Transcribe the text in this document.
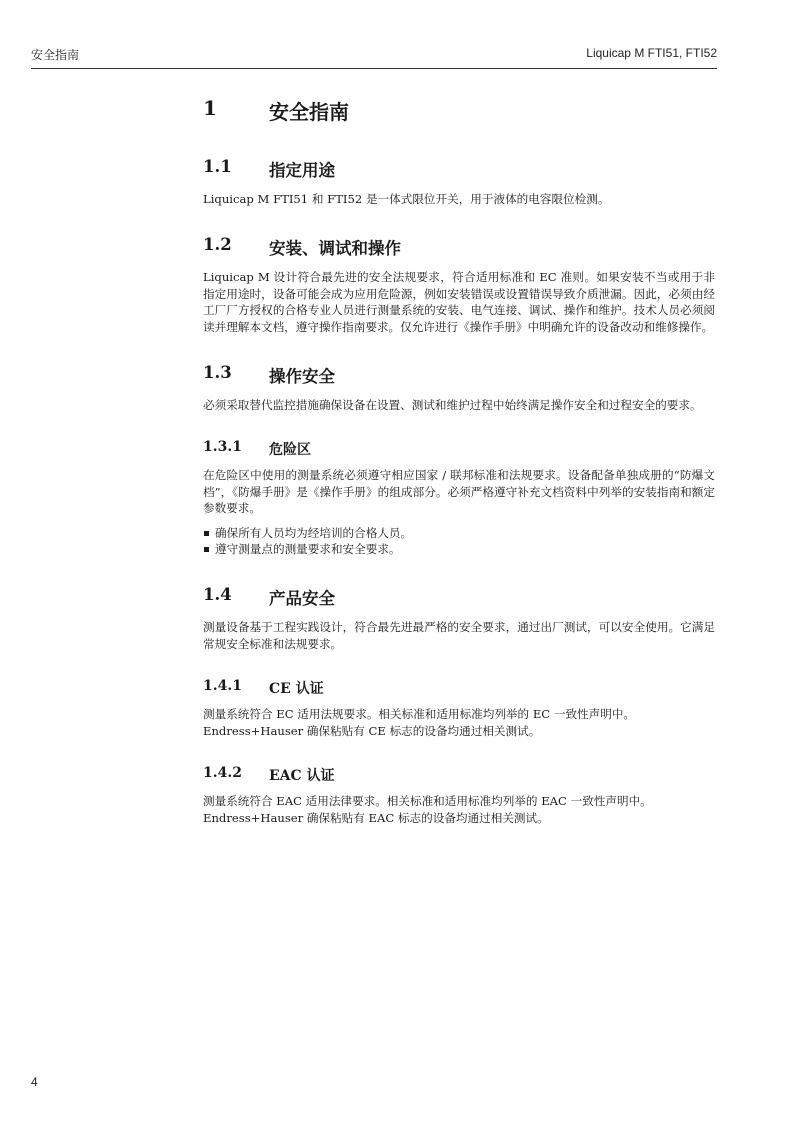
安全指南	Liquicap M FTI51, FTI52
1	安全指南
1.1	指定用途

Liquicap M FTI51 和 FTI52 是一体式限位开关，用于液体的电容限位检测。

1.2	安装、调试和操作

Liquicap M 设计符合最先进的安全法规要求，符合适用标准和 EC 准则。如果安装不当或用于非指定用途时，设备可能会成为应用危险源，例如安装错误或设置错误导致介质泄漏。因此，必须由经工厂厂方授权的合格专业人员进行测量系统的安装、电气连接、调试、操作和维护。技术人员必须阅读并理解本文档，遵守操作指南要求。仅允许进行《操作手册》中明确允许的设备改动和维修操作。

1.3	操作安全

必须采取替代监控措施确保设备在设置、测试和维护过程中始终满足操作安全和过程安全的要求。

1.3.1	危险区

在危险区中使用的测量系统必须遵守相应国家 / 联邦标准和法规要求。设备配备单独成册的“防爆文档”，《防爆手册》是《操作手册》的组成部分。必须严格遵守补充文档资料中列举的安装指南和额定参数要求。

确保所有人员均为经培训的合格人员。
遵守测量点的测量要求和安全要求。
1.4	产品安全

测量设备基于工程实践设计，符合最先进最严格的安全要求，通过出厂测试，可以安全使用。它满足常规安全标准和法规要求。

1.4.1	CE 认证

测量系统符合 EC 适用法规要求。相关标准和适用标准均列举的 EC 一致性声明中。

Endress+Hauser 确保粘贴有 CE 标志的设备均通过相关测试。

1.4.2	EAC 认证

测量系统符合 EAC 适用法律要求。相关标准和适用标准均列举的 EAC 一致性声明中。

Endress+Hauser 确保粘贴有 EAC 标志的设备均通过相关测试。

4
